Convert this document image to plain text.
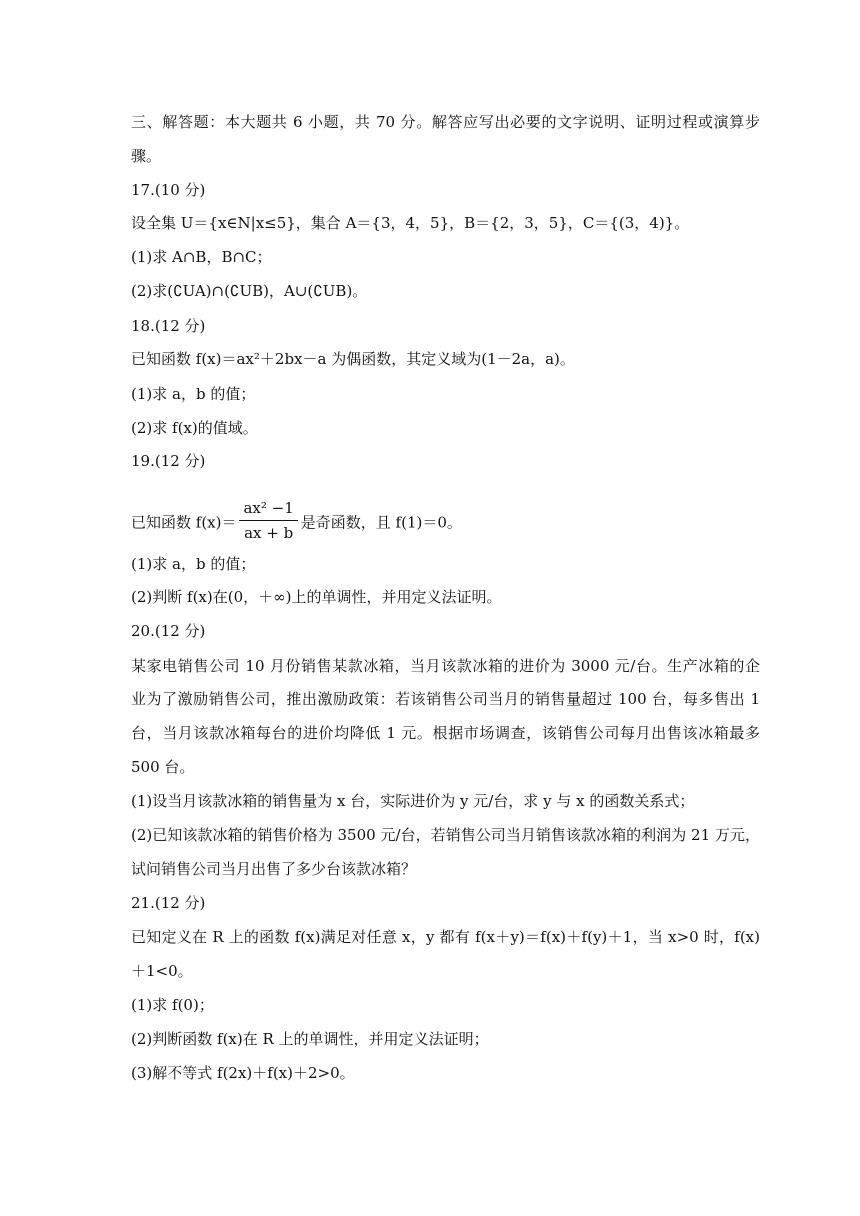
三、解答题：本大题共 6 小题，共 70 分。解答应写出必要的文字说明、证明过程或演算步
骤。
17.(10 分)
设全集 U＝{x∈N|x≤5}，集合 A＝{3，4，5}，B＝{2，3，5}，C＝{(3，4)}。
(1)求 A∩B，B∩C；
(2)求(∁UA)∩(∁UB)，A∪(∁UB)。
18.(12 分)
已知函数 f(x)＝ax²＋2bx－a 为偶函数，其定义域为(1－2a，a)。
(1)求 a，b 的值；
(2)求 f(x)的值域。
19.(12 分)
已知函数 $f(x)= \frac{\text{ax² −1}}{ax + b}$ 是奇函数，且 f(1)＝0。
(1)求 a，b 的值；
(2)判断 f(x)在(0，＋∞)上的单调性，并用定义法证明。
20.(12 分)
某家电销售公司 10 月份销售某款冰箱，当月该款冰箱的进价为 3000 元/台。生产冰箱的企
业为了激励销售公司，推出激励政策：若该销售公司当月的销售量超过 100 台，每多售出 1
台，当月该款冰箱每台的进价均降低 1 元。根据市场调查，该销售公司每月出售该冰箱最多
500 台。
(1)设当月该款冰箱的销售量为 x 台，实际进价为 y 元/台，求 y 与 x 的函数关系式；
(2)已知该款冰箱的销售价格为 3500 元/台，若销售公司当月销售该款冰箱的利润为 21 万元，
试问销售公司当月出售了多少台该款冰箱？
21.(12 分)
已知定义在 R 上的函数 f(x)满足对任意 x，y 都有 f(x＋y)＝f(x)＋f(y)＋1，当 x>0 时，f(x)
＋1<0。
(1)求 f(0)；
(2)判断函数 f(x)在 R 上的单调性，并用定义法证明；
(3)解不等式 f(2x)＋f(x)＋2>0。
